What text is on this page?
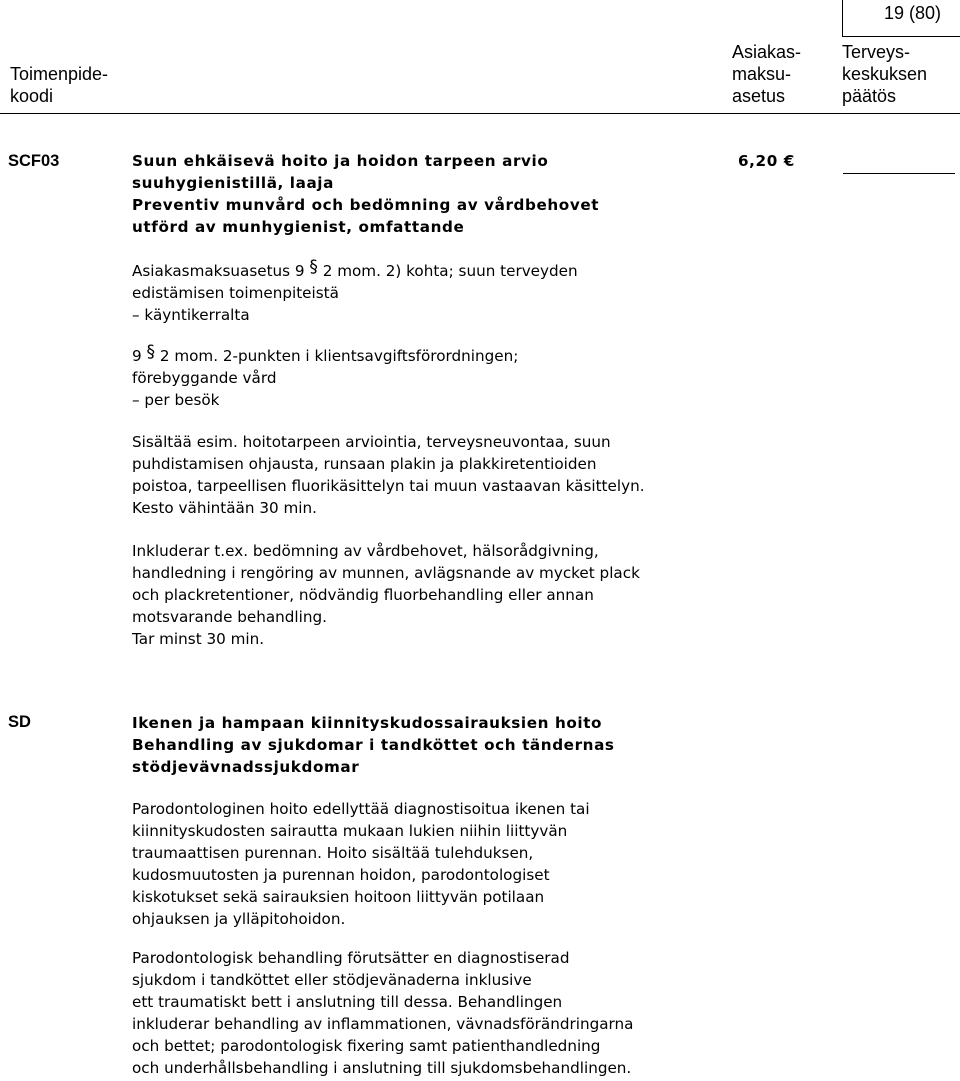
19 (80)
Toimenpide-
koodi
Asiakas-
maksu-
asetus
Terveys-
keskuksen
päätös
SCF03	Suun ehkäisevä hoito ja hoidon tarpeen arvio
suuhygienistillä, laaja
Preventiv munvård och bedömning av vårdbehovet
utförd av munhygienist, omfattande
6,20 €
Asiakasmaksuasetus 9 § 2 mom. 2) kohta; suun terveyden
edistämisen toimenpiteistä
– käyntikerralta
9 § 2 mom. 2-punkten i klientsavgiftsförordningen;
förebyggande vård
– per besök
Sisältää esim. hoitotarpeen arviointia, terveysneuvontaa, suun
puhdistamisen ohjausta, runsaan plakin ja plakkiretentioiden
poistoa, tarpeellisen fluorikäsittelyn tai muun vastaavan käsittelyn.
Kesto vähintään 30 min.
Inkluderar t.ex. bedömning av vårdbehovet, hälsorådgivning,
handledning i rengöring av munnen, avlägsnande av mycket plack
och plackretentioner, nödvändig fluorbehandling eller annan
motsvarande behandling.
Tar minst 30 min.
SD	Ikenen ja hampaan kiinnityskudossairauksien hoito
Behandling av sjukdomar i tandköttet och tändernas
stödjevävnadssjukdomar
Parodontologinen hoito edellyttää diagnostisoitua ikenen tai
kiinnityskudosten sairautta mukaan lukien niihin liittyvän
traumaattisen purennan. Hoito sisältää tulehduksen,
kudosmuutosten ja purennan hoidon, parodontologiset
kiskotukset sekä sairauksien hoitoon liittyvän potilaan
ohjauksen ja ylläpitohoidon.
Parodontologisk behandling förutsätter en diagnostiserad
sjukdom i tandköttet eller stödjevänaderna inklusive
ett traumatiskt bett i anslutning till dessa. Behandlingen
inkluderar behandling av inflammationen, vävnadsförändringarna
och bettet; parodontologisk fixering samt patienthandledning
och underhållsbehandling i anslutning till sjukdomsbehandlingen.
